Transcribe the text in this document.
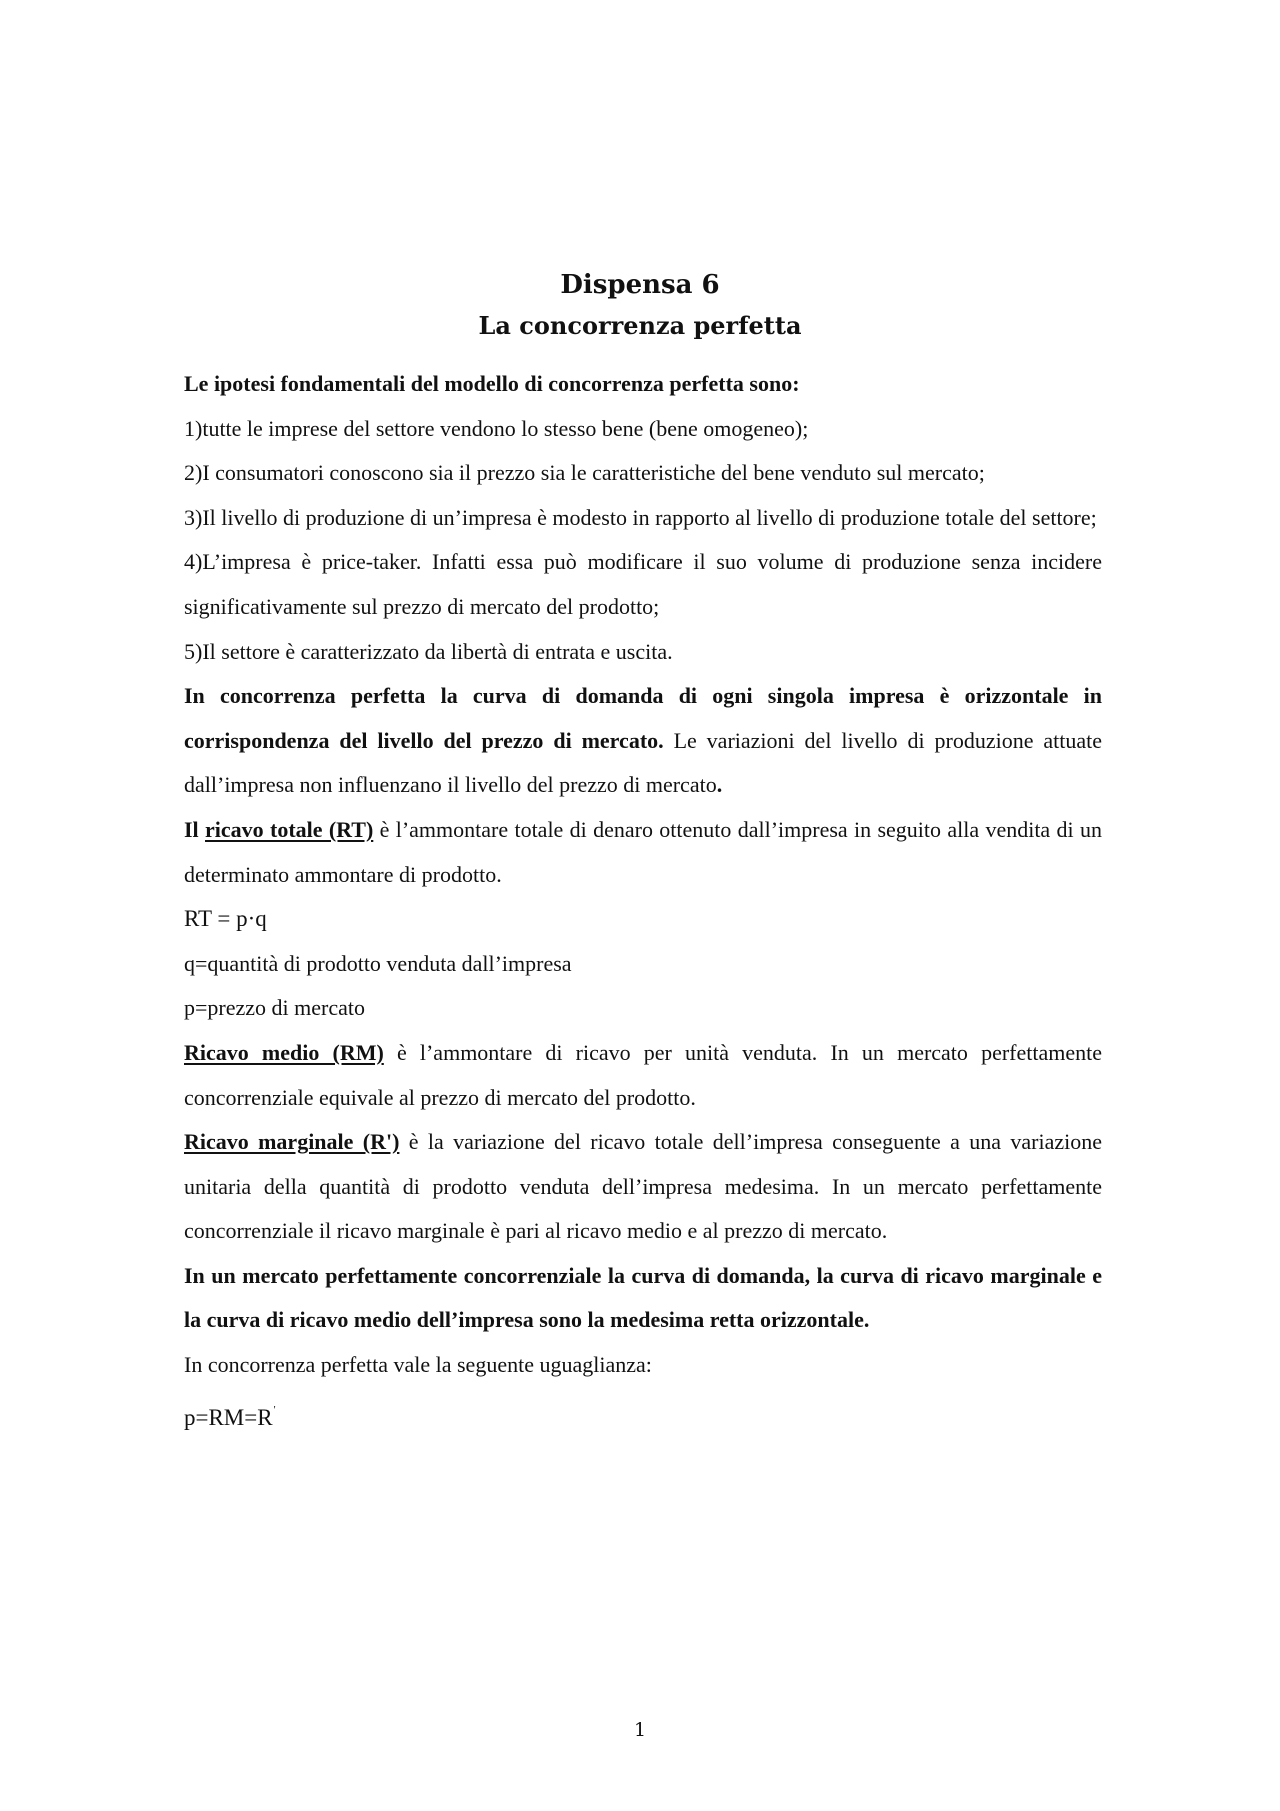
Dispensa 6
La concorrenza perfetta

Le ipotesi fondamentali del modello di concorrenza perfetta sono:

1)tutte le imprese del settore vendono lo stesso bene (bene omogeneo);

2)I consumatori conoscono sia il prezzo sia le caratteristiche del bene venduto sul mercato;

3)Il livello di produzione di un’impresa è modesto in rapporto al livello di produzione totale del settore;

4)L’impresa è price-taker. Infatti essa può modificare il suo volume di produzione senza incidere significativamente sul prezzo di mercato del prodotto;

5)Il settore è caratterizzato da libertà di entrata e uscita.

In concorrenza perfetta la curva di domanda di ogni singola impresa è orizzontale in corrispondenza del livello del prezzo di mercato. Le variazioni del livello di produzione attuate dall’impresa non influenzano il livello del prezzo di mercato.

Il ricavo totale (RT) è l’ammontare totale di denaro ottenuto dall’impresa in seguito alla vendita di un determinato ammontare di prodotto.

RT = p·q

q=quantità di prodotto venduta dall’impresa

p=prezzo di mercato

Ricavo medio (RM) è l’ammontare di ricavo per unità venduta. In un mercato perfettamente concorrenziale equivale al prezzo di mercato del prodotto.

Ricavo marginale (R') è la variazione del ricavo totale dell’impresa conseguente a una variazione unitaria della quantità di prodotto venduta dell’impresa medesima. In un mercato perfettamente concorrenziale il ricavo marginale è pari al ricavo medio e al prezzo di mercato.

In un mercato perfettamente concorrenziale la curva di domanda, la curva di ricavo marginale e la curva di ricavo medio dell’impresa sono la medesima retta orizzontale.

In concorrenza perfetta vale la seguente uguaglianza:

p=RM=R'

1
